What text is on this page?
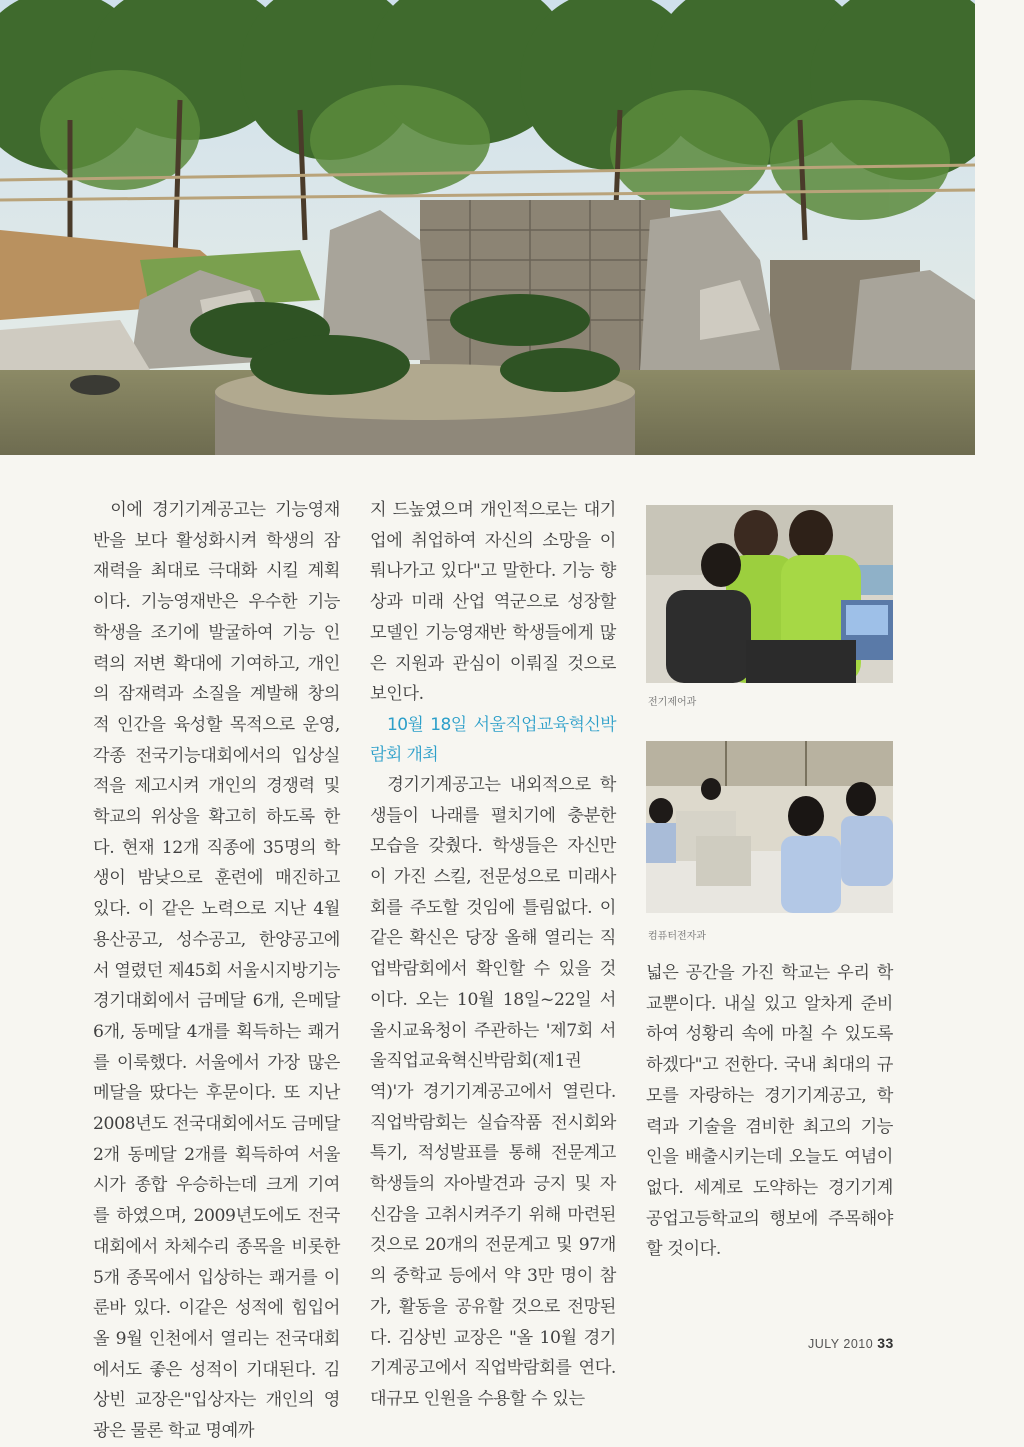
이에 경기기계공고는 기능영재반을 보다 활성화시켜 학생의 잠재력을 최대로 극대화 시킬 계획이다. 기능영재반은 우수한 기능 학생을 조기에 발굴하여 기능 인력의 저변 확대에 기여하고, 개인의 잠재력과 소질을 계발해 창의적 인간을 육성할 목적으로 운영, 각종 전국기능대회에서의 입상실적을 제고시켜 개인의 경쟁력 및 학교의 위상을 확고히 하도록 한다. 현재 12개 직종에 35명의 학생이 밤낮으로 훈련에 매진하고 있다. 이 같은 노력으로 지난 4월 용산공고, 성수공고, 한양공고에서 열렸던 제45회 서울시지방기능경기대회에서 금메달 6개, 은메달 6개, 동메달 4개를 획득하는 쾌거를 이룩했다. 서울에서 가장 많은 메달을 땄다는 후문이다. 또 지난 2008년도 전국대회에서도 금메달 2개 동메달 2개를 획득하여 서울시가 종합 우승하는데 크게 기여를 하였으며, 2009년도에도 전국대회에서 차체수리 종목을 비롯한 5개 종목에서 입상하는 쾌거를 이룬바 있다. 이같은 성적에 힘입어 올 9월 인천에서 열리는 전국대회에서도 좋은 성적이 기대된다. 김상빈 교장은"입상자는 개인의 영광은 물론 학교 명예까

지 드높였으며 개인적으로는 대기업에 취업하여 자신의 소망을 이뤄나가고 있다"고 말한다. 기능 향상과 미래 산업 역군으로 성장할 모델인 기능영재반 학생들에게 많은 지원과 관심이 이뤄질 것으로 보인다.

10월 18일 서울직업교육혁신박람회 개최

경기기계공고는 내외적으로 학생들이 나래를 펼치기에 충분한 모습을 갖췄다. 학생들은 자신만이 가진 스킬, 전문성으로 미래사회를 주도할 것임에 틀림없다. 이같은 확신은 당장 올해 열리는 직업박람회에서 확인할 수 있을 것이다. 오는 10월 18일~22일 서울시교육청이 주관하는 '제7회 서울직업교육혁신박람회(제1권역)'가 경기기계공고에서 열린다. 직업박람회는 실습작품 전시회와 특기, 적성발표를 통해 전문계고 학생들의 자아발견과 긍지 및 자신감을 고취시켜주기 위해 마련된 것으로 20개의 전문계고 및 97개의 중학교 등에서 약 3만 명이 참가, 활동을 공유할 것으로 전망된다. 김상빈 교장은 "올 10월 경기기계공고에서 직업박람회를 연다. 대규모 인원을 수용할 수 있는

전기제어과
컴퓨터전자과

넓은 공간을 가진 학교는 우리 학교뿐이다. 내실 있고 알차게 준비하여 성황리 속에 마칠 수 있도록 하겠다"고 전한다. 국내 최대의 규모를 자랑하는 경기기계공고, 학력과 기술을 겸비한 최고의 기능인을 배출시키는데 오늘도 여념이 없다. 세계로 도약하는 경기기계공업고등학교의 행보에 주목해야 할 것이다.

JULY 2010 33
